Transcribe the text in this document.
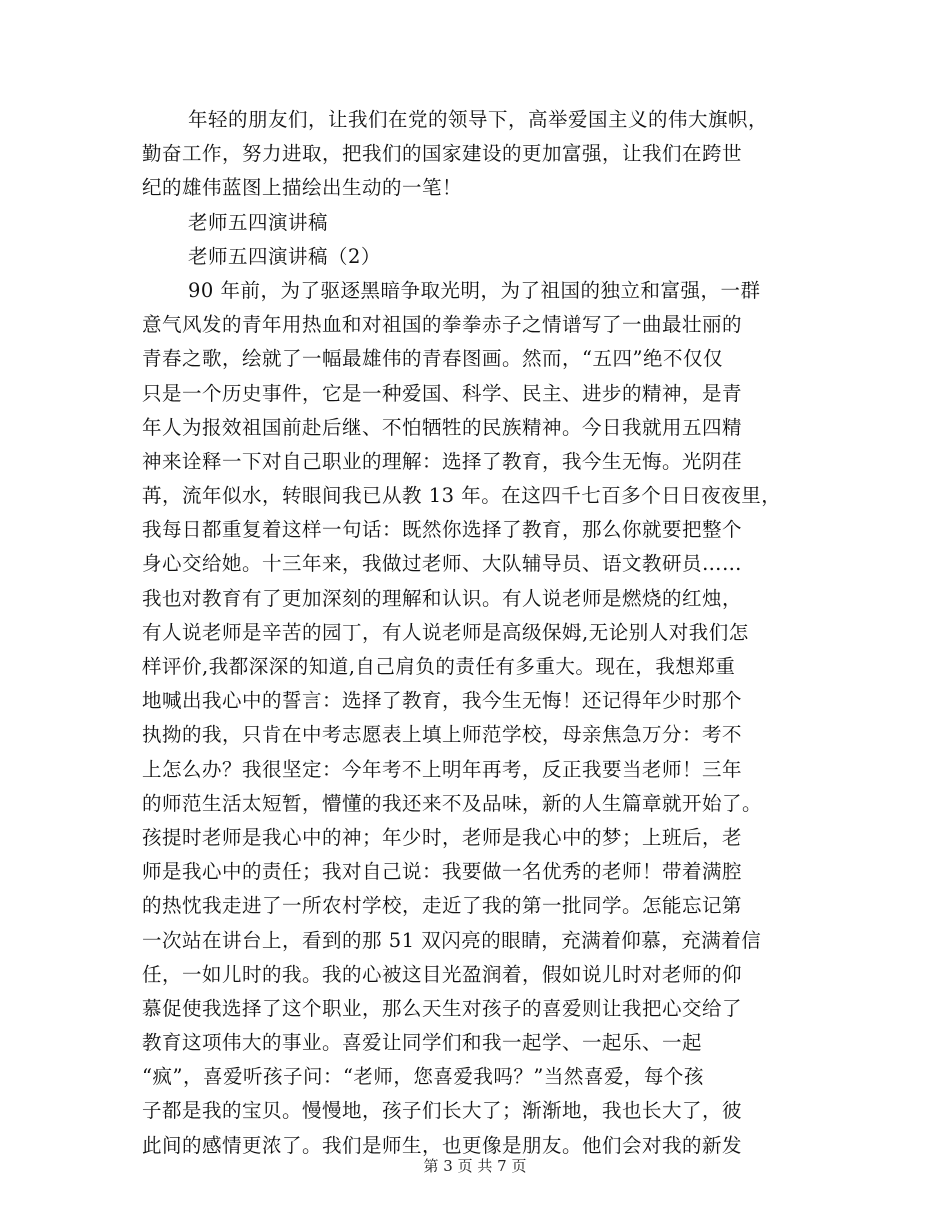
年轻的朋友们，让我们在党的领导下，高举爱国主义的伟大旗帜，
勤奋工作，努力进取，把我们的国家建设的更加富强，让我们在跨世
纪的雄伟蓝图上描绘出生动的一笔！
老师五四演讲稿
老师五四演讲稿（2）
90 年前，为了驱逐黑暗争取光明，为了祖国的独立和富强，一群
意气风发的青年用热血和对祖国的拳拳赤子之情谱写了一曲最壮丽的
青春之歌，绘就了一幅最雄伟的青春图画。然而，“五四”绝不仅仅
只是一个历史事件，它是一种爱国、科学、民主、进步的精神，是青
年人为报效祖国前赴后继、不怕牺牲的民族精神。今日我就用五四精
神来诠释一下对自己职业的理解：选择了教育，我今生无悔。光阴荏
苒，流年似水，转眼间我已从教 13 年。在这四千七百多个日日夜夜里，
我每日都重复着这样一句话：既然你选择了教育，那么你就要把整个
身心交给她。十三年来，我做过老师、大队辅导员、语文教研员……
我也对教育有了更加深刻的理解和认识。有人说老师是燃烧的红烛，
有人说老师是辛苦的园丁，有人说老师是高级保姆,无论别人对我们怎
样评价,我都深深的知道,自己肩负的责任有多重大。现在，我想郑重
地喊出我心中的誓言：选择了教育，我今生无悔！还记得年少时那个
执拗的我，只肯在中考志愿表上填上师范学校，母亲焦急万分：考不
上怎么办？我很坚定：今年考不上明年再考，反正我要当老师！三年
的师范生活太短暂，懵懂的我还来不及品味，新的人生篇章就开始了。
孩提时老师是我心中的神；年少时，老师是我心中的梦；上班后，老
师是我心中的责任；我对自己说：我要做一名优秀的老师！带着满腔
的热忱我走进了一所农村学校，走近了我的第一批同学。怎能忘记第
一次站在讲台上，看到的那 51 双闪亮的眼睛，充满着仰慕，充满着信
任，一如儿时的我。我的心被这目光盈润着，假如说儿时对老师的仰
慕促使我选择了这个职业，那么天生对孩子的喜爱则让我把心交给了
教育这项伟大的事业。喜爱让同学们和我一起学、一起乐、一起
“疯”，喜爱听孩子问：“老师，您喜爱我吗？”当然喜爱，每个孩
子都是我的宝贝。慢慢地，孩子们长大了；渐渐地，我也长大了，彼
此间的感情更浓了。我们是师生，也更像是朋友。他们会对我的新发
第 3 页 共 7 页
